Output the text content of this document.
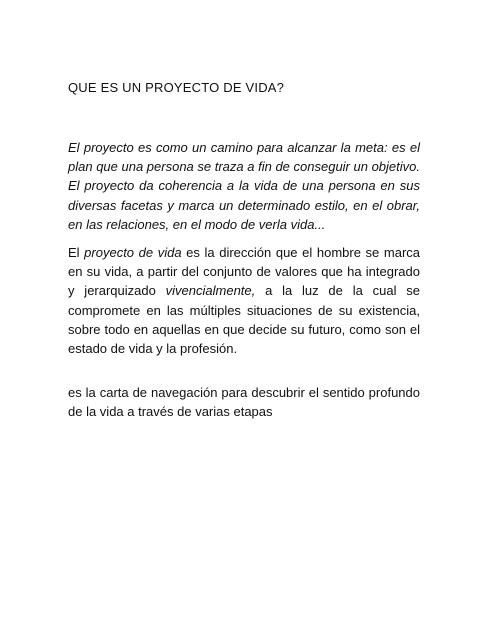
QUE ES UN PROYECTO DE VIDA?

El proyecto es como un camino para alcanzar la meta: es el plan que una persona se traza a fin de conseguir un objetivo. El proyecto da coherencia a la vida de una persona en sus diversas facetas y marca un determinado estilo, en el obrar, en las relaciones, en el modo de verla vida...

El proyecto de vida es la dirección que el hombre se marca en su vida, a partir del conjunto de valores que ha integrado y jerarquizado vivencialmente, a la luz de la cual se compromete en las múltiples situaciones de su existencia, sobre todo en aquellas en que decide su futuro, como son el estado de vida y la profesión.

es la carta de navegación para descubrir el sentido profundo de la vida a través de varias etapas
